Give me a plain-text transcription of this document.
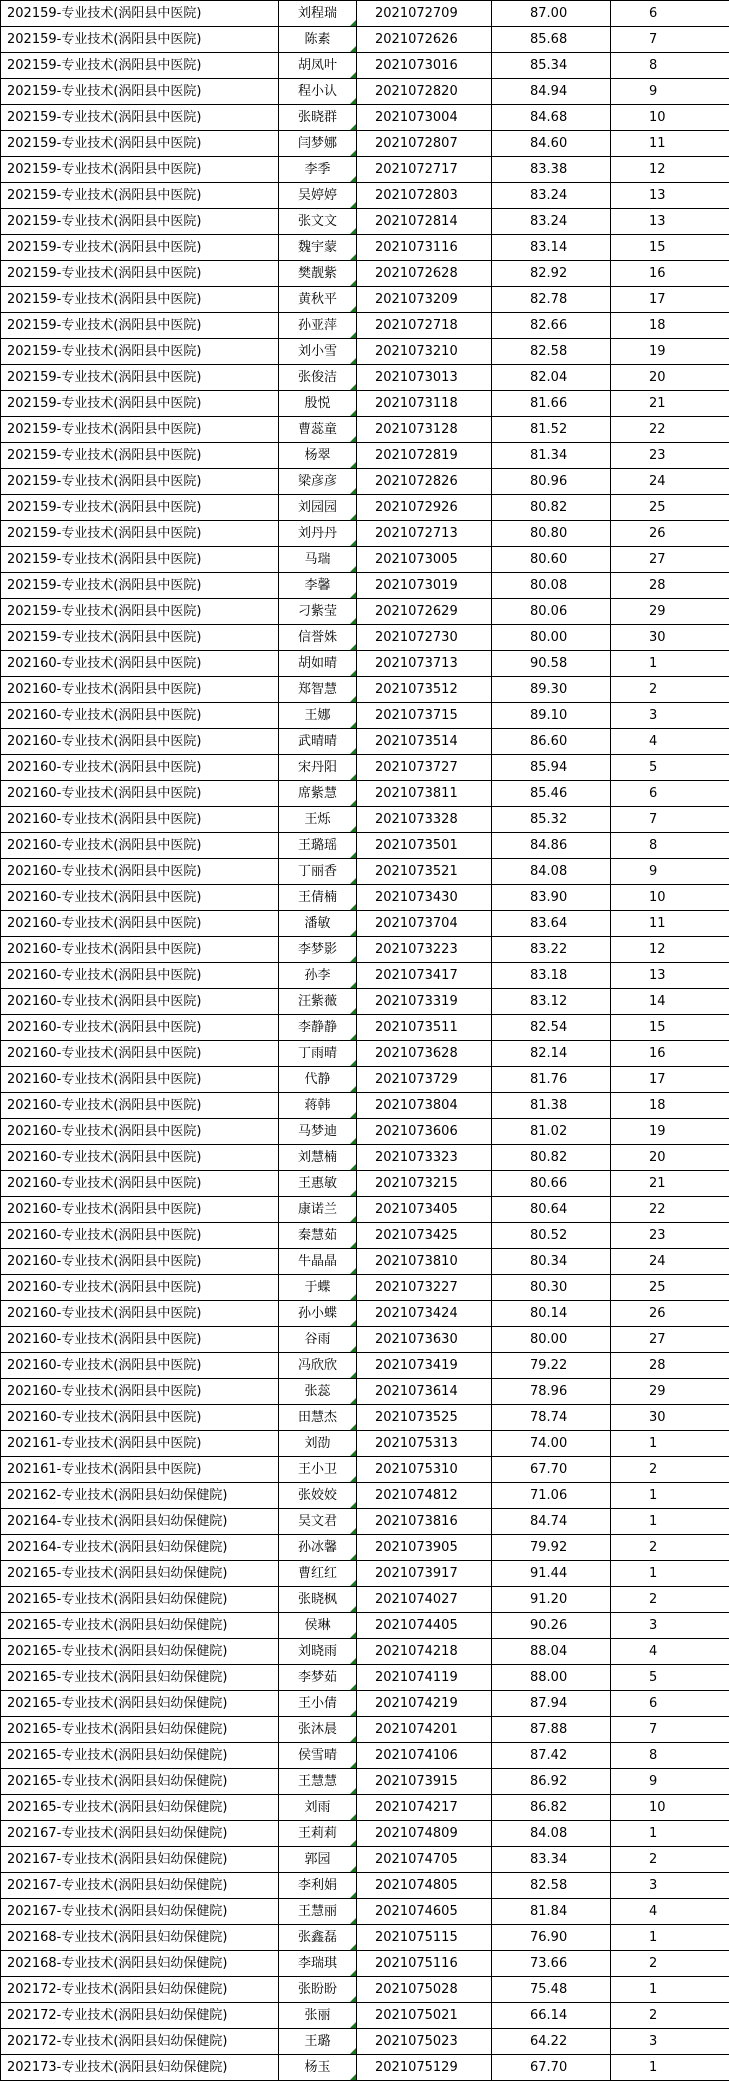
202159-专业技术(涡阳县中医院)	刘程瑞	2021072709	87.00	6
202159-专业技术(涡阳县中医院)	陈素	2021072626	85.68	7
202159-专业技术(涡阳县中医院)	胡凤叶	2021073016	85.34	8
202159-专业技术(涡阳县中医院)	程小认	2021072820	84.94	9
202159-专业技术(涡阳县中医院)	张晓群	2021073004	84.68	10
202159-专业技术(涡阳县中医院)	闫梦娜	2021072807	84.60	11
202159-专业技术(涡阳县中医院)	李季	2021072717	83.38	12
202159-专业技术(涡阳县中医院)	吴婷婷	2021072803	83.24	13
202159-专业技术(涡阳县中医院)	张文文	2021072814	83.24	13
202159-专业技术(涡阳县中医院)	魏宇蒙	2021073116	83.14	15
202159-专业技术(涡阳县中医院)	樊靓紫	2021072628	82.92	16
202159-专业技术(涡阳县中医院)	黄秋平	2021073209	82.78	17
202159-专业技术(涡阳县中医院)	孙亚萍	2021072718	82.66	18
202159-专业技术(涡阳县中医院)	刘小雪	2021073210	82.58	19
202159-专业技术(涡阳县中医院)	张俊洁	2021073013	82.04	20
202159-专业技术(涡阳县中医院)	殷悦	2021073118	81.66	21
202159-专业技术(涡阳县中医院)	曹蕊童	2021073128	81.52	22
202159-专业技术(涡阳县中医院)	杨翠	2021072819	81.34	23
202159-专业技术(涡阳县中医院)	梁彦彦	2021072826	80.96	24
202159-专业技术(涡阳县中医院)	刘园园	2021072926	80.82	25
202159-专业技术(涡阳县中医院)	刘丹丹	2021072713	80.80	26
202159-专业技术(涡阳县中医院)	马瑞	2021073005	80.60	27
202159-专业技术(涡阳县中医院)	李馨	2021073019	80.08	28
202159-专业技术(涡阳县中医院)	刁紫莹	2021072629	80.06	29
202159-专业技术(涡阳县中医院)	信誉姝	2021072730	80.00	30
202160-专业技术(涡阳县中医院)	胡如晴	2021073713	90.58	1
202160-专业技术(涡阳县中医院)	郑智慧	2021073512	89.30	2
202160-专业技术(涡阳县中医院)	王娜	2021073715	89.10	3
202160-专业技术(涡阳县中医院)	武晴晴	2021073514	86.60	4
202160-专业技术(涡阳县中医院)	宋丹阳	2021073727	85.94	5
202160-专业技术(涡阳县中医院)	席紫慧	2021073811	85.46	6
202160-专业技术(涡阳县中医院)	王烁	2021073328	85.32	7
202160-专业技术(涡阳县中医院)	王璐瑶	2021073501	84.86	8
202160-专业技术(涡阳县中医院)	丁丽香	2021073521	84.08	9
202160-专业技术(涡阳县中医院)	王倩楠	2021073430	83.90	10
202160-专业技术(涡阳县中医院)	潘敏	2021073704	83.64	11
202160-专业技术(涡阳县中医院)	李梦影	2021073223	83.22	12
202160-专业技术(涡阳县中医院)	孙李	2021073417	83.18	13
202160-专业技术(涡阳县中医院)	汪紫薇	2021073319	83.12	14
202160-专业技术(涡阳县中医院)	李静静	2021073511	82.54	15
202160-专业技术(涡阳县中医院)	丁雨晴	2021073628	82.14	16
202160-专业技术(涡阳县中医院)	代静	2021073729	81.76	17
202160-专业技术(涡阳县中医院)	蒋韩	2021073804	81.38	18
202160-专业技术(涡阳县中医院)	马梦迪	2021073606	81.02	19
202160-专业技术(涡阳县中医院)	刘慧楠	2021073323	80.82	20
202160-专业技术(涡阳县中医院)	王惠敏	2021073215	80.66	21
202160-专业技术(涡阳县中医院)	康诺兰	2021073405	80.64	22
202160-专业技术(涡阳县中医院)	秦慧茹	2021073425	80.52	23
202160-专业技术(涡阳县中医院)	牛晶晶	2021073810	80.34	24
202160-专业技术(涡阳县中医院)	于蝶	2021073227	80.30	25
202160-专业技术(涡阳县中医院)	孙小蝶	2021073424	80.14	26
202160-专业技术(涡阳县中医院)	谷雨	2021073630	80.00	27
202160-专业技术(涡阳县中医院)	冯欣欣	2021073419	79.22	28
202160-专业技术(涡阳县中医院)	张蕊	2021073614	78.96	29
202160-专业技术(涡阳县中医院)	田慧杰	2021073525	78.74	30
202161-专业技术(涡阳县中医院)	刘劭	2021075313	74.00	1
202161-专业技术(涡阳县中医院)	王小卫	2021075310	67.70	2
202162-专业技术(涡阳县妇幼保健院)	张姣姣	2021074812	71.06	1
202164-专业技术(涡阳县妇幼保健院)	吴文君	2021073816	84.74	1
202164-专业技术(涡阳县妇幼保健院)	孙冰馨	2021073905	79.92	2
202165-专业技术(涡阳县妇幼保健院)	曹红红	2021073917	91.44	1
202165-专业技术(涡阳县妇幼保健院)	张晓枫	2021074027	91.20	2
202165-专业技术(涡阳县妇幼保健院)	侯琳	2021074405	90.26	3
202165-专业技术(涡阳县妇幼保健院)	刘晓雨	2021074218	88.04	4
202165-专业技术(涡阳县妇幼保健院)	李梦茹	2021074119	88.00	5
202165-专业技术(涡阳县妇幼保健院)	王小倩	2021074219	87.94	6
202165-专业技术(涡阳县妇幼保健院)	张沐晨	2021074201	87.88	7
202165-专业技术(涡阳县妇幼保健院)	侯雪晴	2021074106	87.42	8
202165-专业技术(涡阳县妇幼保健院)	王慧慧	2021073915	86.92	9
202165-专业技术(涡阳县妇幼保健院)	刘雨	2021074217	86.82	10
202167-专业技术(涡阳县妇幼保健院)	王莉莉	2021074809	84.08	1
202167-专业技术(涡阳县妇幼保健院)	郭园	2021074705	83.34	2
202167-专业技术(涡阳县妇幼保健院)	李利娟	2021074805	82.58	3
202167-专业技术(涡阳县妇幼保健院)	王慧丽	2021074605	81.84	4
202168-专业技术(涡阳县妇幼保健院)	张鑫磊	2021075115	76.90	1
202168-专业技术(涡阳县妇幼保健院)	李瑞琪	2021075116	73.66	2
202172-专业技术(涡阳县妇幼保健院)	张盼盼	2021075028	75.48	1
202172-专业技术(涡阳县妇幼保健院)	张丽	2021075021	66.14	2
202172-专业技术(涡阳县妇幼保健院)	王璐	2021075023	64.22	3
202173-专业技术(涡阳县妇幼保健院)	杨玉	2021075129	67.70	1
